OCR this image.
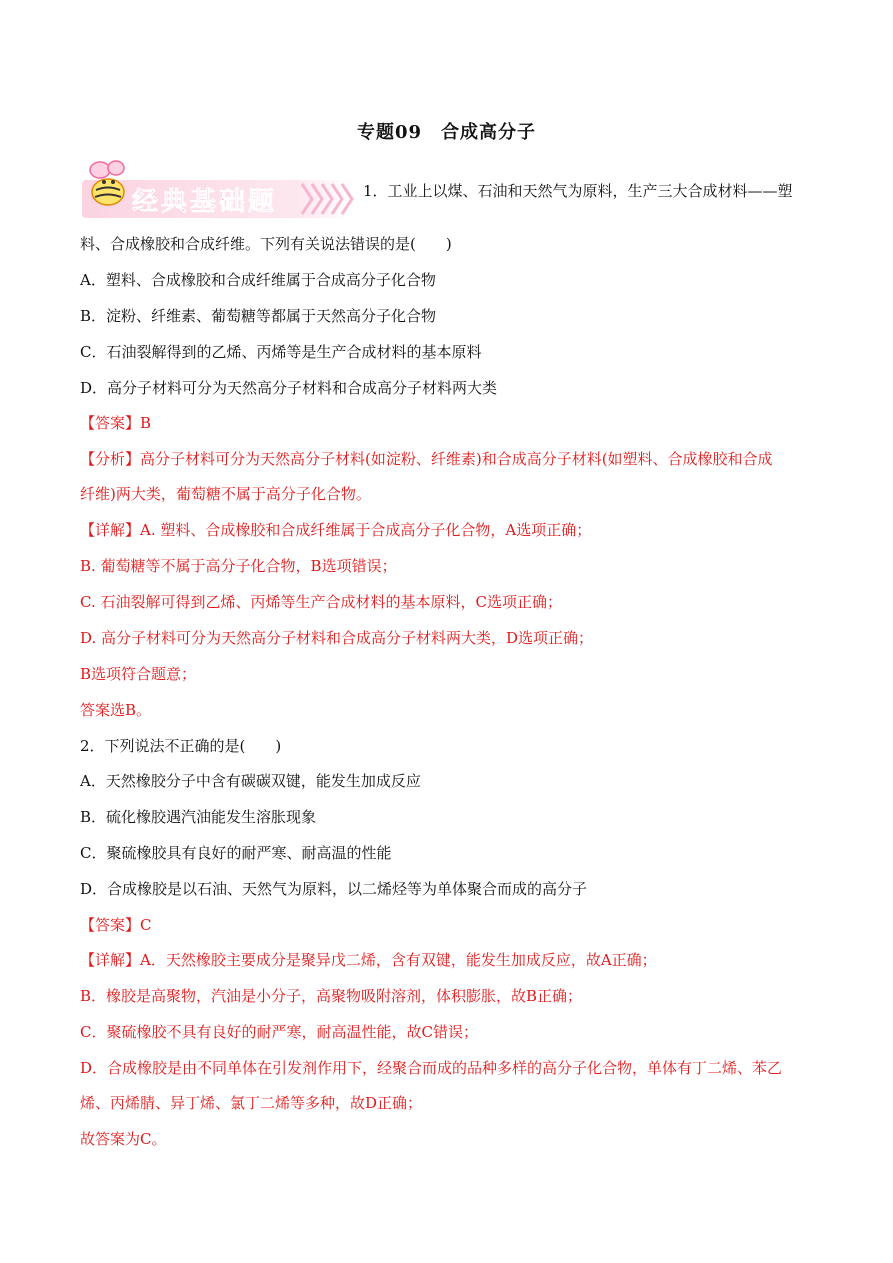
专题09　合成高分子
经典基础题	1．工业上以煤、石油和天然气为原料，生产三大合成材料——塑
料、合成橡胶和合成纤维。下列有关说法错误的是(　　)
A．塑料、合成橡胶和合成纤维属于合成高分子化合物
B．淀粉、纤维素、葡萄糖等都属于天然高分子化合物
C．石油裂解得到的乙烯、丙烯等是生产合成材料的基本原料
D．高分子材料可分为天然高分子材料和合成高分子材料两大类
【答案】B
【分析】高分子材料可分为天然高分子材料(如淀粉、纤维素)和合成高分子材料(如塑料、合成橡胶和合成
纤维)两大类，葡萄糖不属于高分子化合物。
【详解】A. 塑料、合成橡胶和合成纤维属于合成高分子化合物，A选项正确；
B. 葡萄糖等不属于高分子化合物，B选项错误；
C. 石油裂解可得到乙烯、丙烯等生产合成材料的基本原料，C选项正确；
D. 高分子材料可分为天然高分子材料和合成高分子材料两大类，D选项正确；
B选项符合题意；
答案选B。
2．下列说法不正确的是(　　)
A．天然橡胶分子中含有碳碳双键，能发生加成反应
B．硫化橡胶遇汽油能发生溶胀现象
C．聚硫橡胶具有良好的耐严寒、耐高温的性能
D．合成橡胶是以石油、天然气为原料，以二烯烃等为单体聚合而成的高分子
【答案】C
【详解】A．天然橡胶主要成分是聚异戊二烯，含有双键，能发生加成反应，故A正确；
B．橡胶是高聚物，汽油是小分子，高聚物吸附溶剂，体积膨胀，故B正确；
C．聚硫橡胶不具有良好的耐严寒，耐高温性能，故C错误；
D．合成橡胶是由不同单体在引发剂作用下，经聚合而成的品种多样的高分子化合物，单体有丁二烯、苯乙
烯、丙烯腈、异丁烯、氯丁二烯等多种，故D正确；
故答案为C。
